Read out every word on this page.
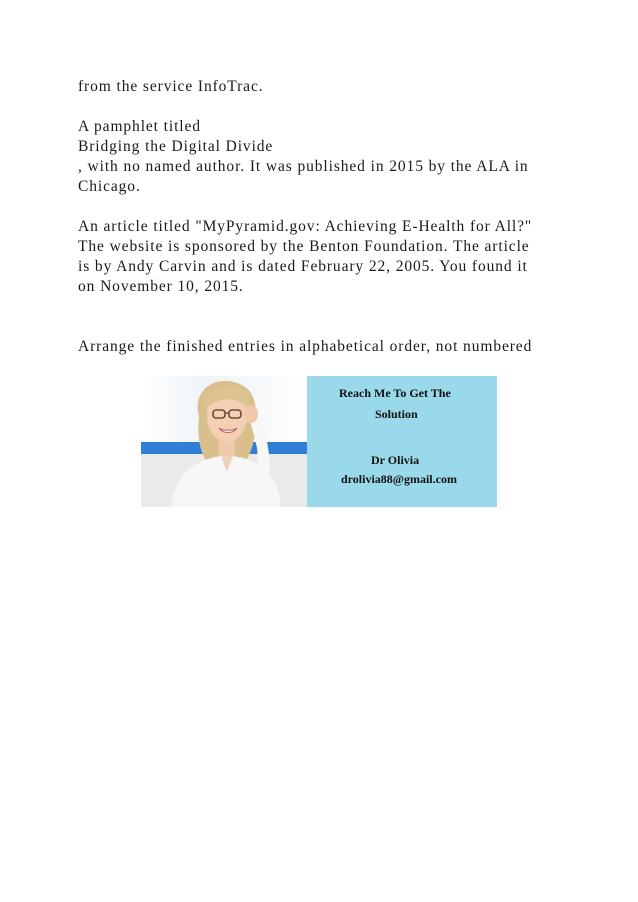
from the service InfoTrac.

A pamphlet titled

Bridging the Digital Divide

, with no named author. It was published in 2015 by the ALA in

Chicago.

An article titled "MyPyramid.gov: Achieving E-Health for All?"

The website is sponsored by the Benton Foundation. The article

is by Andy Carvin and is dated February 22, 2005. You found it

on November 10, 2015.

Arrange the finished entries in alphabetical order, not numbered

Reach Me To Get The
Solution
Dr Olivia
drolivia88@gmail.com
